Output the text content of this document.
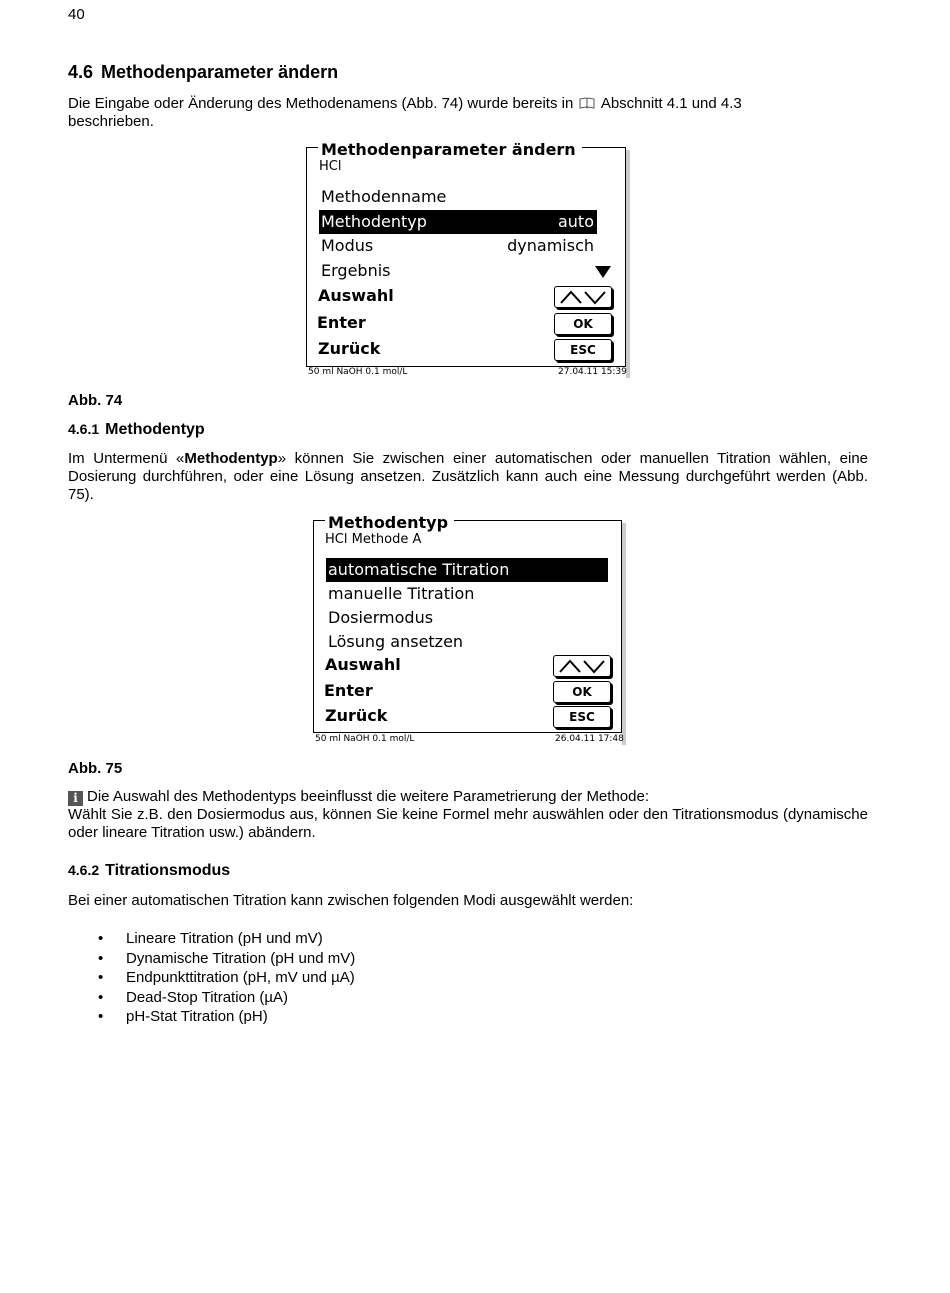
40
4.6 Methodenparameter ändern
Die Eingabe oder Änderung des Methodenamens (Abb. 74) wurde bereits in Abschnitt 4.1 und 4.3
beschrieben.
Methodenparameter ändern
HCl
Methodenname
Methodentyp	auto
Modus	dynamisch
Ergebnis
Auswahl
Enter	OK
Zurück	ESC
50 ml NaOH 0.1 mol/L	27.04.11 15:39
Abb. 74
4.6.1 Methodentyp
Im Untermenü «Methodentyp» können Sie zwischen einer automatischen oder manuellen Titration wählen, eine Dosierung durchführen, oder eine Lösung ansetzen. Zusätzlich kann auch eine Messung durchgeführt werden (Abb. 75).
Methodentyp
HCl Methode A
automatische Titration
manuelle Titration
Dosiermodus
Lösung ansetzen
Auswahl
Enter	OK
Zurück	ESC
50 ml NaOH 0.1 mol/L	26.04.11 17:48
Abb. 75
i Die Auswahl des Methodentyps beeinflusst die weitere Parametrierung der Methode:
Wählt Sie z.B. den Dosiermodus aus, können Sie keine Formel mehr auswählen oder den Titrationsmodus (dynamische oder lineare Titration usw.) abändern.
4.6.2 Titrationsmodus
Bei einer automatischen Titration kann zwischen folgenden Modi ausgewählt werden:
• Lineare Titration (pH und mV)
• Dynamische Titration (pH und mV)
• Endpunkttitration (pH, mV und µA)
• Dead-Stop Titration (µA)
• pH-Stat Titration (pH)
